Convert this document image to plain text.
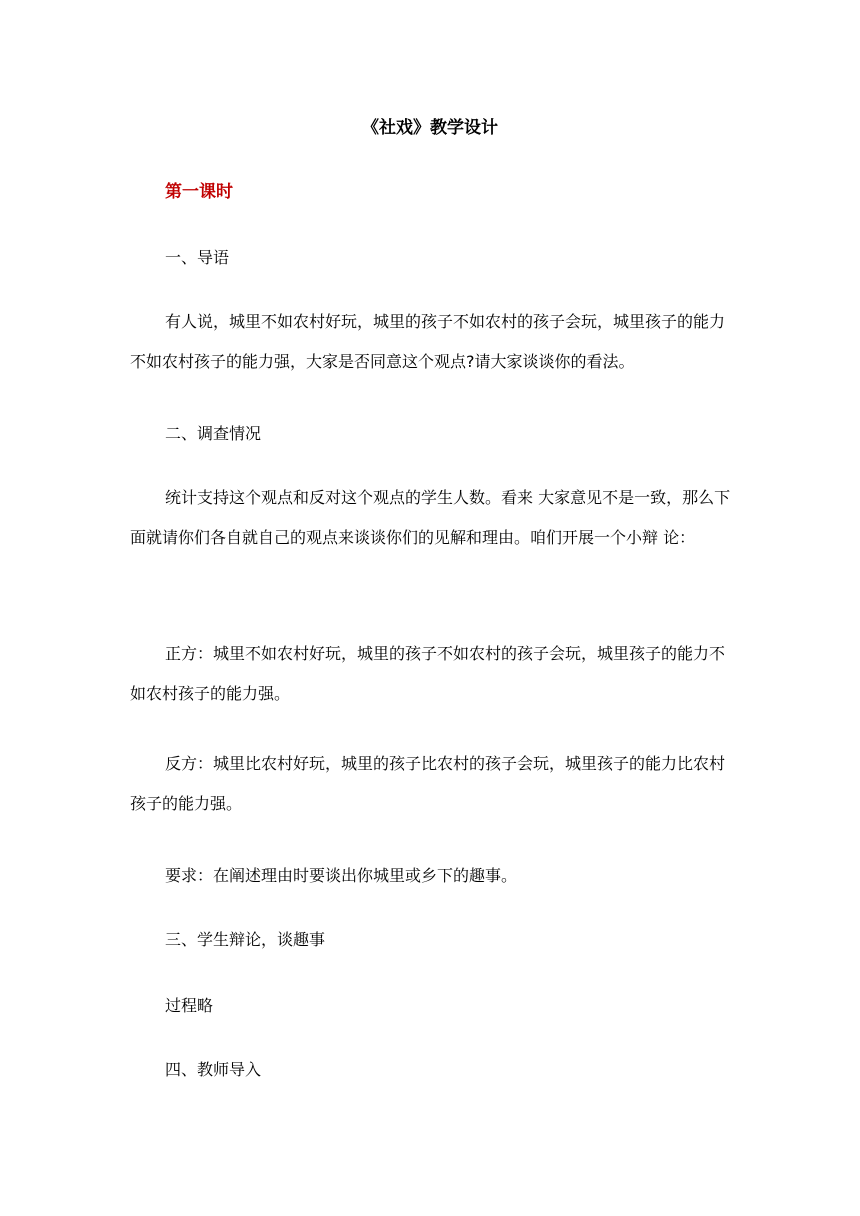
《社戏》教学设计
第一课时

一、导语

有人说，城里不如农村好玩，城里的孩子不如农村的孩子会玩，城里孩子的能力不如农村孩子的能力强，大家是否同意这个观点?请大家谈谈你的看法。

二、调查情况

统计支持这个观点和反对这个观点的学生人数。看来 大家意见不是一致，那么下面就请你们各自就自己的观点来谈谈你们的见解和理由。咱们开展一个小辩 论：

正方：城里不如农村好玩，城里的孩子不如农村的孩子会玩，城里孩子的能力不如农村孩子的能力强。

反方：城里比农村好玩，城里的孩子比农村的孩子会玩，城里孩子的能力比农村孩子的能力强。

要求：在阐述理由时要谈出你城里或乡下的趣事。

三、学生辩论，谈趣事

过程略

四、教师导入
